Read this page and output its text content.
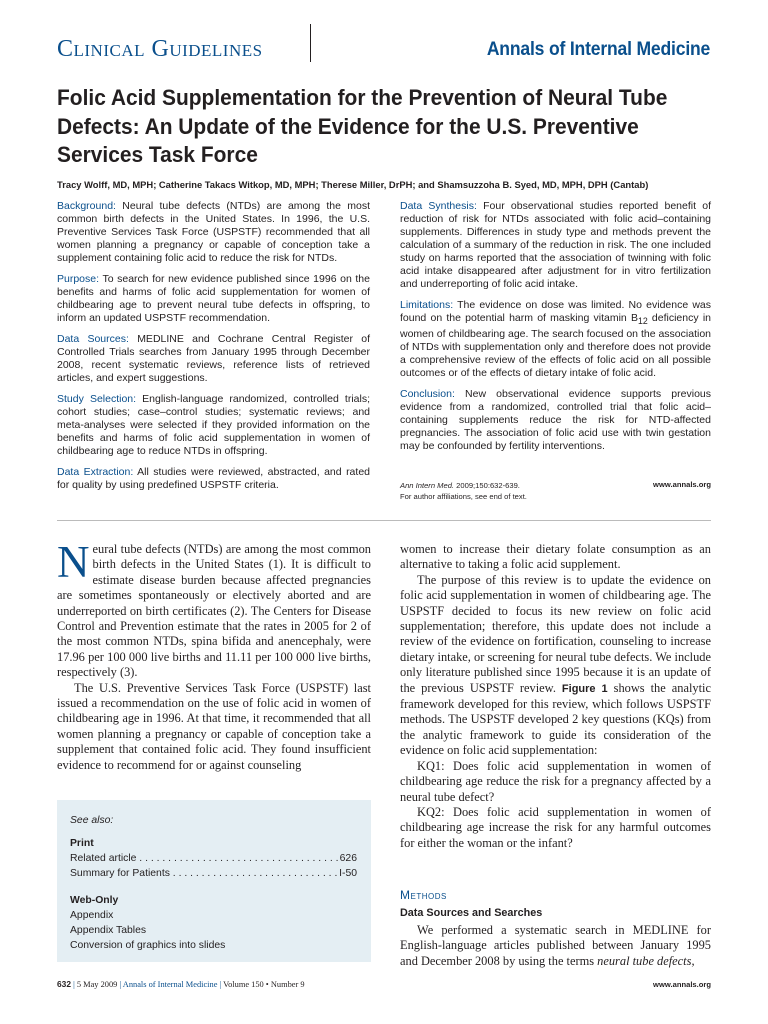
Clinical Guidelines	Annals of Internal Medicine
Folic Acid Supplementation for the Prevention of Neural Tube Defects: An Update of the Evidence for the U.S. Preventive Services Task Force
Tracy Wolff, MD, MPH; Catherine Takacs Witkop, MD, MPH; Therese Miller, DrPH; and Shamsuzzoha B. Syed, MD, MPH, DPH (Cantab)

Background: Neural tube defects (NTDs) are among the most common birth defects in the United States. In 1996, the U.S. Preventive Services Task Force (USPSTF) recommended that all women planning a pregnancy or capable of conception take a supplement containing folic acid to reduce the risk for NTDs.

Purpose: To search for new evidence published since 1996 on the benefits and harms of folic acid supplementation for women of childbearing age to prevent neural tube defects in offspring, to inform an updated USPSTF recommendation.

Data Sources: MEDLINE and Cochrane Central Register of Controlled Trials searches from January 1995 through December 2008, recent systematic reviews, reference lists of retrieved articles, and expert suggestions.

Study Selection: English-language randomized, controlled trials; cohort studies; case–control studies; systematic reviews; and meta-analyses were selected if they provided information on the benefits and harms of folic acid supplementation in women of childbearing age to reduce NTDs in offspring.

Data Extraction: All studies were reviewed, abstracted, and rated for quality by using predefined USPSTF criteria.

Data Synthesis: Four observational studies reported benefit of reduction of risk for NTDs associated with folic acid–containing supplements. Differences in study type and methods prevent the calculation of a summary of the reduction in risk. The one included study on harms reported that the association of twinning with folic acid intake disappeared after adjustment for in vitro fertilization and underreporting of folic acid intake.

Limitations: The evidence on dose was limited. No evidence was found on the potential harm of masking vitamin $B_{12}$ deficiency in women of childbearing age. The search focused on the association of NTDs with supplementation only and therefore does not provide a comprehensive review of the effects of folic acid on all possible outcomes or of the effects of dietary intake of folic acid.

Conclusion: New observational evidence supports previous evidence from a randomized, controlled trial that folic acid–containing supplements reduce the risk for NTD-affected pregnancies. The association of folic acid use with twin gestation may be confounded by fertility interventions.

Ann Intern Med. 2009;150:632-639.
For author affiliations, see end of text.
www.annals.org

Neural tube defects (NTDs) are among the most common birth defects in the United States (1). It is difficult to estimate disease burden because affected pregnancies are sometimes spontaneously or electively aborted and are underreported on birth certificates (2). The Centers for Disease Control and Prevention estimate that the rates in 2005 for 2 of the most common NTDs, spina bifida and anencephaly, were 17.96 per 100 000 live births and 11.11 per 100 000 live births, respectively (3).

The U.S. Preventive Services Task Force (USPSTF) last issued a recommendation on the use of folic acid in women of childbearing age in 1996. At that time, it recommended that all women planning a pregnancy or capable of conception take a supplement that contained folic acid. They found insufficient evidence to recommend for or against counseling

See also:
Print
Related article . . .	626
Summary for Patients . . .	I-50
Web-Only
Appendix
Appendix Tables
Conversion of graphics into slides

women to increase their dietary folate consumption as an alternative to taking a folic acid supplement.

The purpose of this review is to update the evidence on folic acid supplementation in women of childbearing age. The USPSTF decided to focus its new review on folic acid supplementation; therefore, this update does not include a review of the evidence on fortification, counseling to increase dietary intake, or screening for neural tube defects. We include only literature published since 1995 because it is an update of the previous USPSTF review. Figure 1 shows the analytic framework developed for this review, which follows USPSTF methods. The USPSTF developed 2 key questions (KQs) from the analytic framework to guide its consideration of the evidence on folic acid supplementation:

KQ1: Does folic acid supplementation in women of childbearing age reduce the risk for a pregnancy affected by a neural tube defect?

KQ2: Does folic acid supplementation in women of childbearing age increase the risk for any harmful outcomes for either the woman or the infant?

Methods
Data Sources and Searches

We performed a systematic search in MEDLINE for English-language articles published between January 1995 and December 2008 by using the terms neural tube defects,

632 | 5 May 2009 | Annals of Internal Medicine | Volume 150 • Number 9	www.annals.org
